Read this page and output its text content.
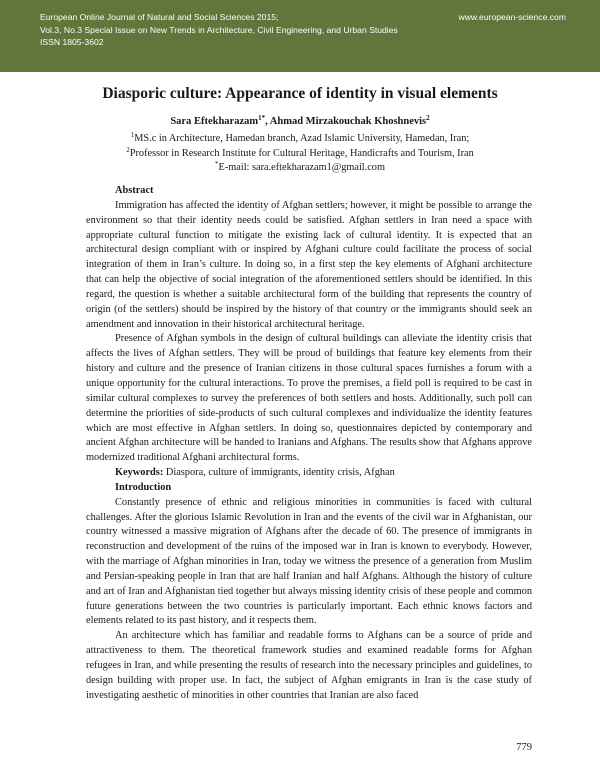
European Online Journal of Natural and Social Sciences 2015;
Vol.3, No.3 Special Issue on New Trends in Architecture, Civil Engineering, and Urban Studies
ISSN 1805-3602
www.european-science.com
Diasporic culture: Appearance of identity in visual elements
Sara Eftekharazam$^{1*}$, Ahmad Mirzakouchak Khoshnevis$^2$
$^1$MS.c in Architecture, Hamedan branch, Azad Islamic University, Hamedan, Iran;
$^2$Professor in Research Institute for Cultural Heritage, Handicrafts and Tourism, Iran
*E-mail: sara.eftekharazam1@gmail.com
Abstract

Immigration has affected the identity of Afghan settlers; however, it might be possible to arrange the environment so that their identity needs could be satisfied. Afghan settlers in Iran need a space with appropriate cultural function to mitigate the existing lack of cultural identity. It is expected that an architectural design compliant with or inspired by Afghani culture could facilitate the process of social integration of them in Iran’s culture. In doing so, in a first step the key elements of Afghani architecture that can help the objective of social integration of the aforementioned settlers should be identified. In this regard, the question is whether a suitable architectural form of the building that represents the country of origin (of the settlers) should be inspired by the history of that country or the immigrants should seek an amendment and innovation in their historical architectural heritage.

Presence of Afghan symbols in the design of cultural buildings can alleviate the identity crisis that affects the lives of Afghan settlers. They will be proud of buildings that feature key elements from their history and culture and the presence of Iranian citizens in those cultural spaces furnishes a forum with a unique opportunity for the cultural interactions. To prove the premises, a field poll is required to be cast in similar cultural complexes to survey the preferences of both settlers and hosts. Additionally, such poll can determine the priorities of side-products of such cultural complexes and individualize the identity features which are most effective in Afghan settlers. In doing so, questionnaires depicted by contemporary and ancient Afghan architecture will be handed to Iranians and Afghans. The results show that Afghans approve modernized traditional Afghani architectural forms.

Keywords: Diaspora, culture of immigrants, identity crisis, Afghan

Introduction

Constantly presence of ethnic and religious minorities in communities is faced with cultural challenges. After the glorious Islamic Revolution in Iran and the events of the civil war in Afghanistan, our country witnessed a massive migration of Afghans after the decade of 60. The presence of immigrants in reconstruction and development of the ruins of the imposed war in Iran is known to everybody. However, with the marriage of Afghan minorities in Iran, today we witness the presence of a generation from Muslim and Persian-speaking people in Iran that are half Iranian and half Afghans. Although the history of culture and art of Iran and Afghanistan tied together but always missing identity crisis of these people and common future generations between the two countries is particularly important. Each ethnic knows factors and elements related to its past history, and it respects them.

An architecture which has familiar and readable forms to Afghans can be a source of pride and attractiveness to them. The theoretical framework studies and examined readable forms for Afghan refugees in Iran, and while presenting the results of research into the necessary principles and guidelines, to design building with proper use. In fact, the subject of Afghan emigrants in Iran is the case study of investigating aesthetic of minorities in other countries that Iranian are also faced

779
